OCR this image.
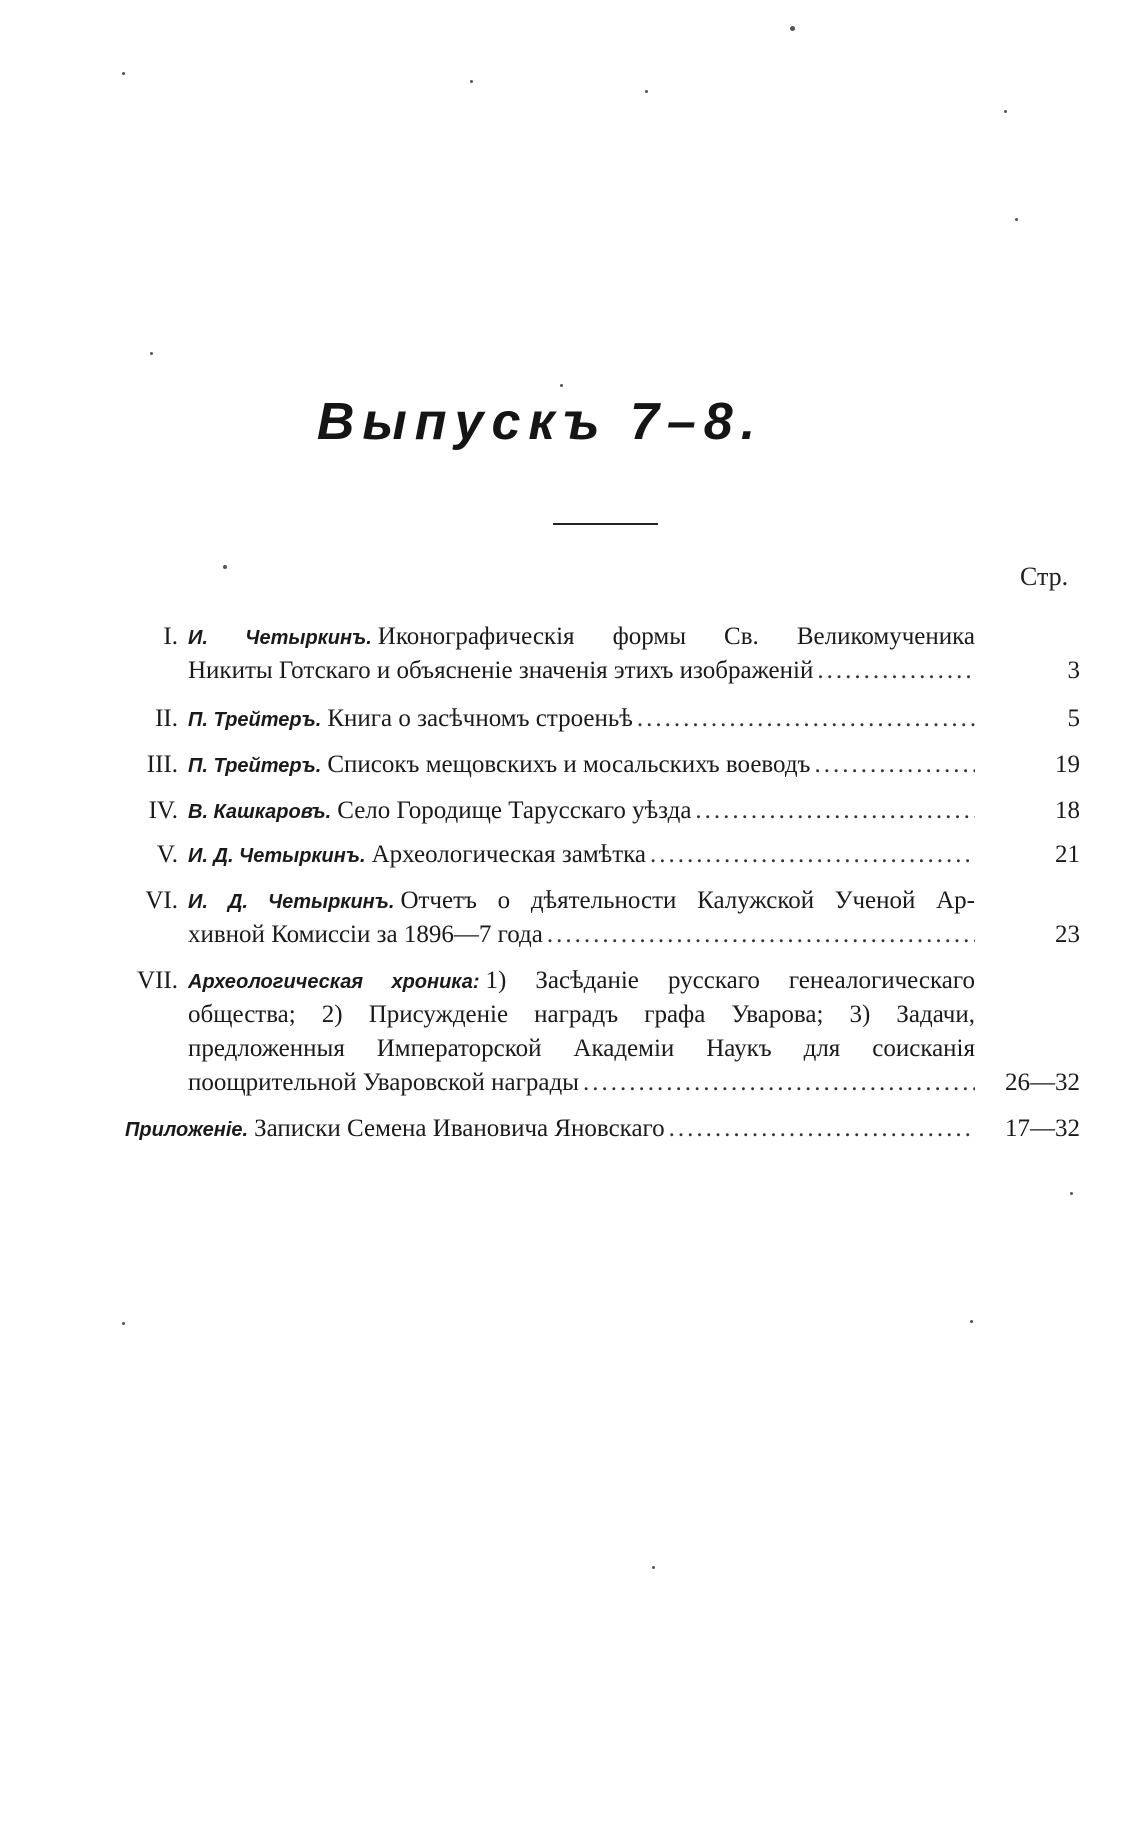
Выпускъ 7–8.
Стр.
I. И. Четыркинъ. Иконографическія формы Св. Великомученика
Никиты Готскаго и объясненіе значенія этихъ изображеній .....	3
II. П. Трейтеръ. Книга о засѣчномъ строеньѣ .....	5
III. П. Трейтеръ. Списокъ мещовскихъ и мосальскихъ воеводъ .....	19
IV. В. Кашкаровъ. Село Городище Тарусскаго уѣзда .....	18
V. И. Д. Четыркинъ. Археологическая замѣтка .....	21
VI. И. Д. Четыркинъ. Отчетъ о дѣятельности Калужской Ученой Ар-
хивной Комиссіи за 1896—7 года .....	23
VII. Археологическая хроника: 1) Засѣданіе русскаго генеалогическаго
общества; 2) Присужденіе наградъ графа Уварова; 3) Задачи,
предложенныя Императорской Академіи Наукъ для соисканія
поощрительной Уваровской награды .....	26—32
Приложеніе. Записки Семена Ивановича Яновскаго .....	17—32
